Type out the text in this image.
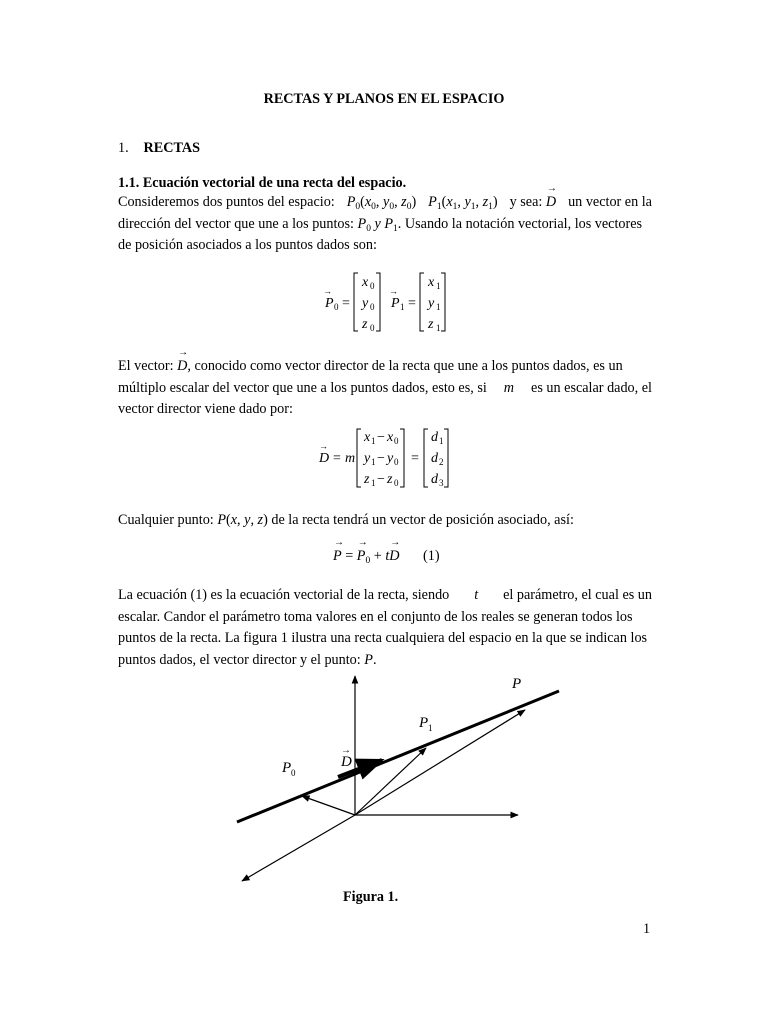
RECTAS Y PLANOS EN EL ESPACIO
1. RECTAS
1.1. Ecuación vectorial de una recta del espacio.
Consideremos dos puntos del espacio: $P_0(x_0$, $y_0$, $z_0$) $P_1(x_1$, $y_1$, $z_1$) y sea: → D un vector en la
dirección del vector que une a los puntos: $P_0$ y $P_1$. Usando la notación vectorial, los vectores
de posición asociados a los puntos dados son:
P
→
0 =
x 0
y 0
z 0
P
→
1 =
x 1
y 1
z 1
El vector: → D, conocido como vector director de la recta que une a los puntos dados, es un
múltiplo escalar del vector que une a los puntos dados, esto es, si m es un escalar dado, el
vector director viene dado por:
D
→
= m
x 1 − x 0
y 1 − y 0
z 1 − z 0
=
d 1
d 2
d 3
Cualquier punto: P(x, y, z) de la recta tendrá un vector de posición asociado, así:
→ P = → $P_0 + t\to D$ (1)
La ecuación (1) es la ecuación vectorial de la recta, siendo t el parámetro, el cual es un
escalar. Candor el parámetro toma valores en el conjunto de los reales se generan todos los
puntos de la recta. La figura 1 ilustra una recta cualquiera del espacio en la que se indican los
puntos dados, el vector director y el punto: P.
P
P 1
D
→
P 0
Figura 1.
1
